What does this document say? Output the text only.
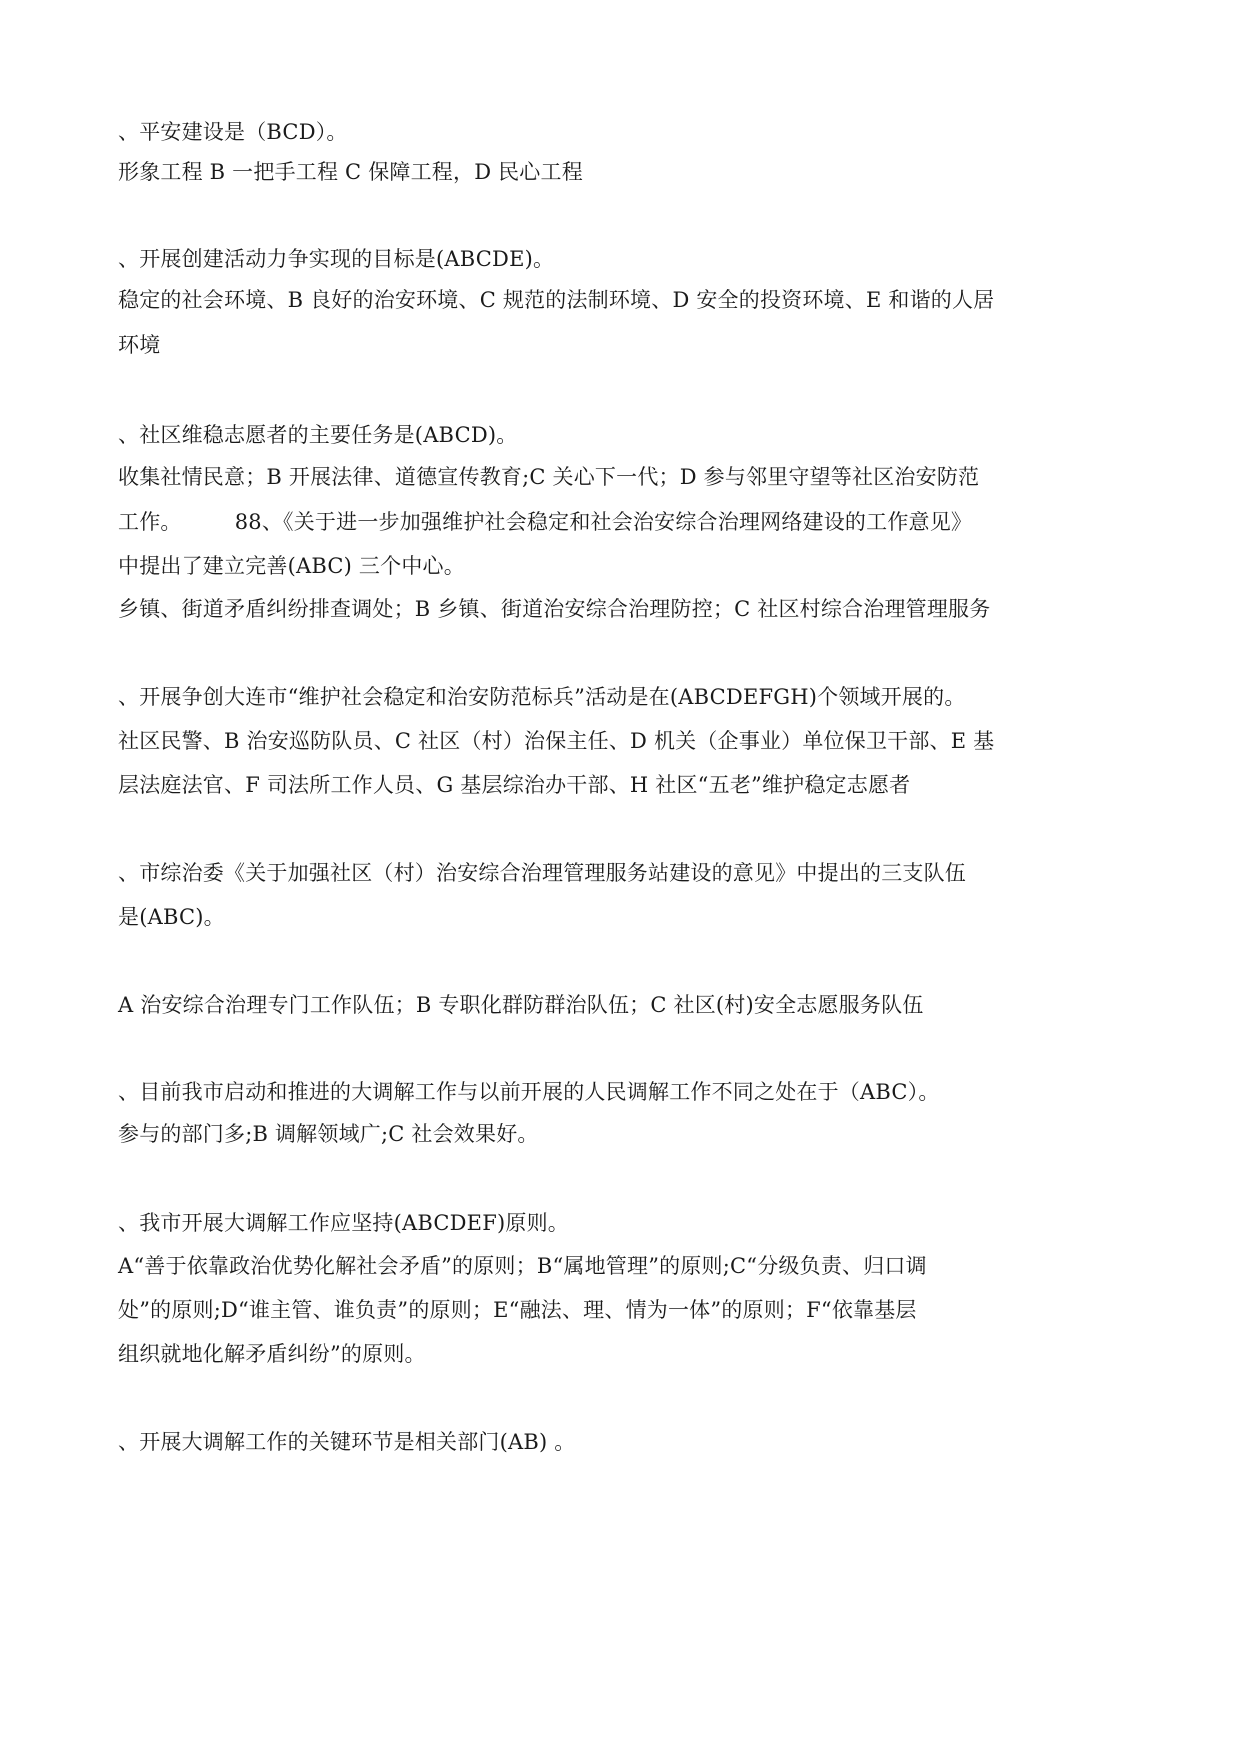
、平安建设是（BCD）。
形象工程 B 一把手工程 C 保障工程，D 民心工程
、开展创建活动力争实现的目标是(ABCDE)。
稳定的社会环境、B 良好的治安环境、C 规范的法制环境、D 安全的投资环境、E 和谐的人居
环境
、社区维稳志愿者的主要任务是(ABCD)。
收集社情民意；B 开展法律、道德宣传教育;C 关心下一代；D 参与邻里守望等社区治安防范
工作。　　　88、《关于进一步加强维护社会稳定和社会治安综合治理网络建设的工作意见》
中提出了建立完善(ABC) 三个中心。
乡镇、街道矛盾纠纷排查调处；B 乡镇、街道治安综合治理防控；C 社区村综合治理管理服务
、开展争创大连市“维护社会稳定和治安防范标兵”活动是在(ABCDEFGH)个领域开展的。
社区民警、B 治安巡防队员、C 社区（村）治保主任、D 机关（企事业）单位保卫干部、E 基
层法庭法官、F 司法所工作人员、G 基层综治办干部、H 社区“五老”维护稳定志愿者
、市综治委《关于加强社区（村）治安综合治理管理服务站建设的意见》中提出的三支队伍
是(ABC)。
A 治安综合治理专门工作队伍；B 专职化群防群治队伍；C 社区(村)安全志愿服务队伍
、目前我市启动和推进的大调解工作与以前开展的人民调解工作不同之处在于（ABC）。
参与的部门多;B 调解领域广;C 社会效果好。
、我市开展大调解工作应坚持(ABCDEF)原则。
A“善于依靠政治优势化解社会矛盾”的原则；B“属地管理”的原则;C“分级负责、归口调
处”的原则;D“谁主管、谁负责”的原则；E“融法、理、情为一体”的原则；F“依靠基层
组织就地化解矛盾纠纷”的原则。
、开展大调解工作的关键环节是相关部门(AB) 。
